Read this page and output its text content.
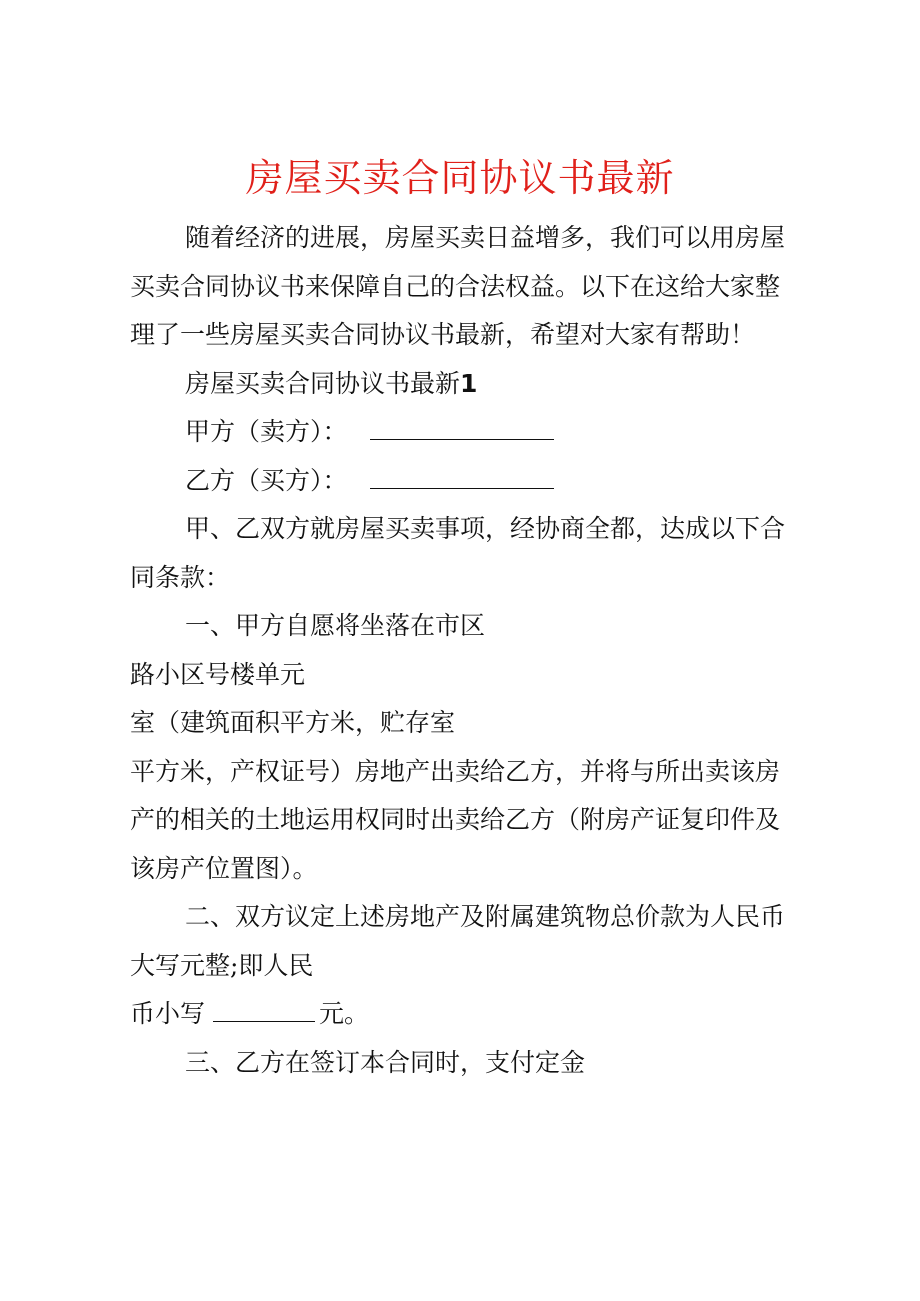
房屋买卖合同协议书最新

随着经济的进展，房屋买卖日益增多，我们可以用房屋买卖合同协议书来保障自己的合法权益。以下在这给大家整理了一些房屋买卖合同协议书最新，希望对大家有帮助！

房屋买卖合同协议书最新1

甲方（卖方）：

乙方（买方）：

甲、乙双方就房屋买卖事项，经协商全都，达成以下合同条款：

一、甲方自愿将坐落在市区

路小区号楼单元

室（建筑面积平方米，贮存室

平方米，产权证号）房地产出卖给乙方，并将与所出卖该房产的相关的土地运用权同时出卖给乙方（附房产证复印件及该房产位置图）。

二、双方议定上述房地产及附属建筑物总价款为人民币大写元整;即人民

币小写	元。

三、乙方在签订本合同时，支付定金
